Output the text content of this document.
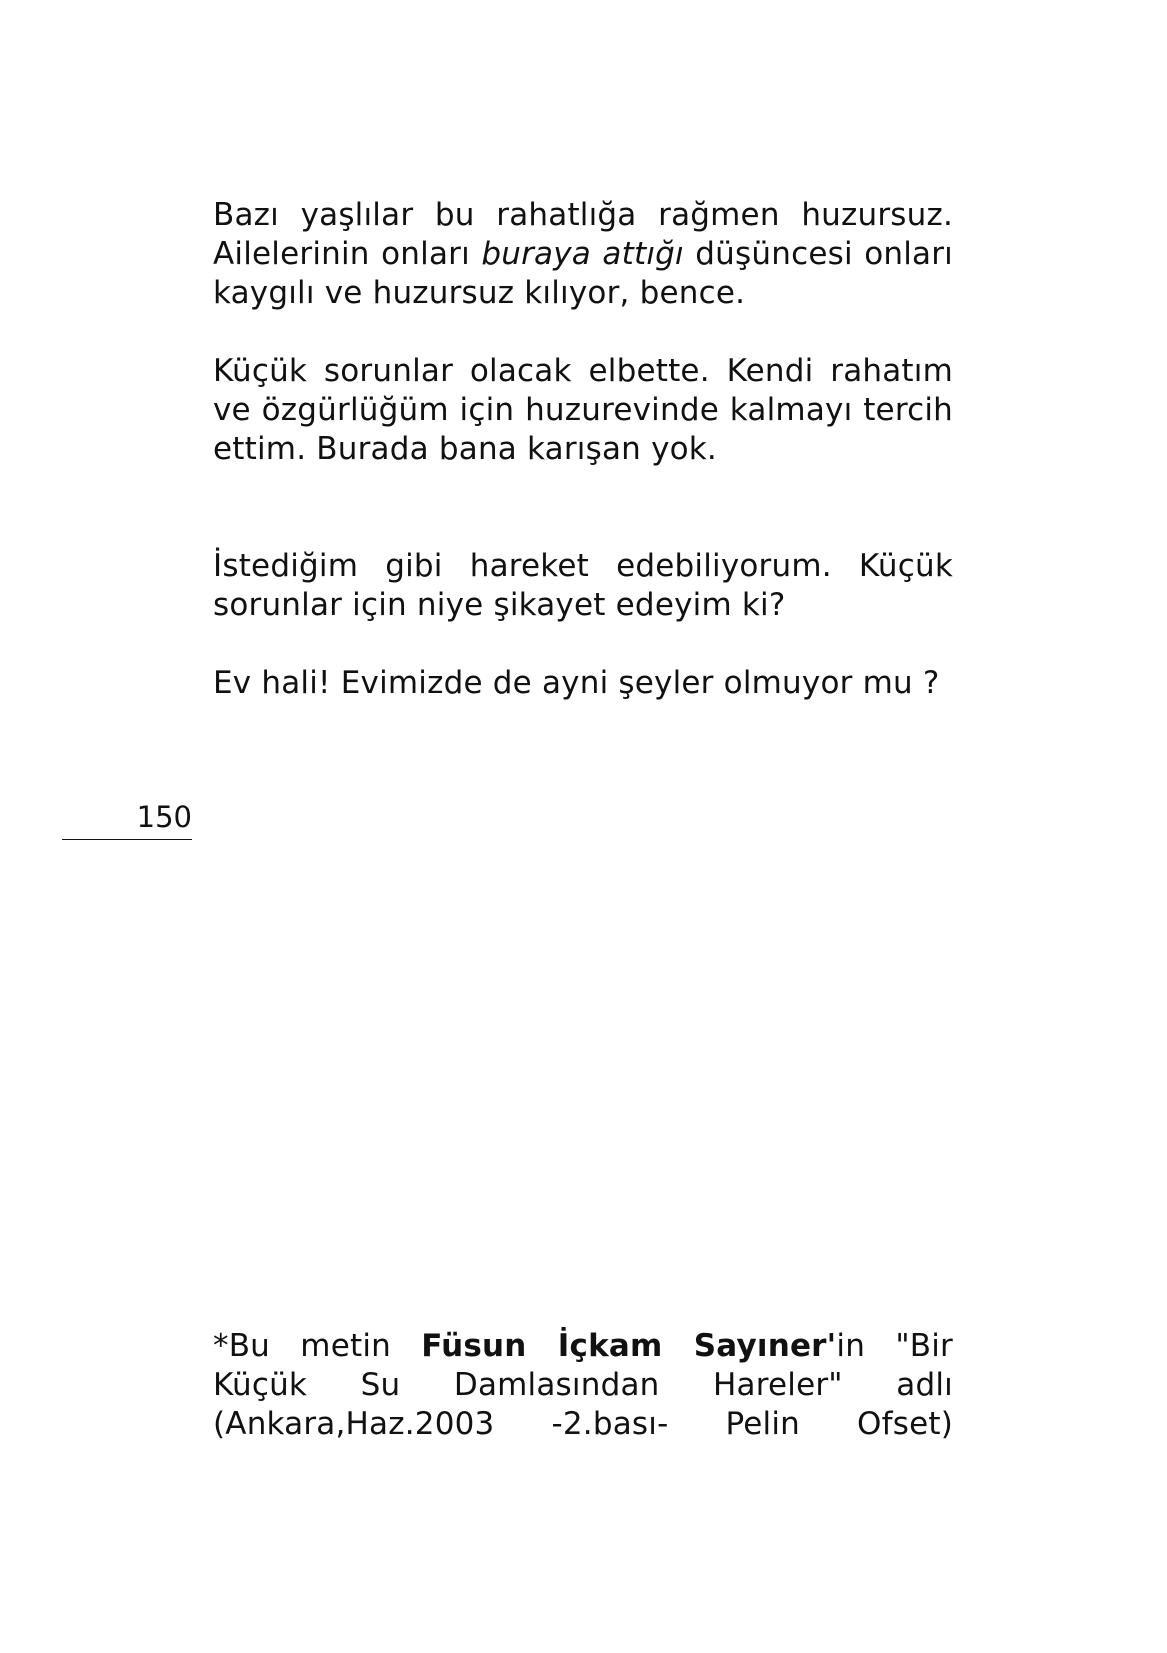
Bazı yaşlılar bu rahatlığa rağmen huzursuz. Ailelerinin onları buraya attığı düşüncesi onları kaygılı ve huzursuz kılıyor, bence.

Küçük sorunlar olacak elbette. Kendi rahatım ve özgürlüğüm için huzurevinde kalmayı tercih ettim. Burada bana karışan yok.

İstediğim gibi hareket edebiliyorum. Küçük sorunlar için niye şikayet edeyim ki?

Ev hali! Evimizde de ayni şeyler olmuyor mu ?

150

*Bu metin Füsun İçkam Sayıner'in "Bir Küçük Su Damlasından Hareler" adlı (Ankara,Haz.2003 -2.bası- Pelin Ofset)
